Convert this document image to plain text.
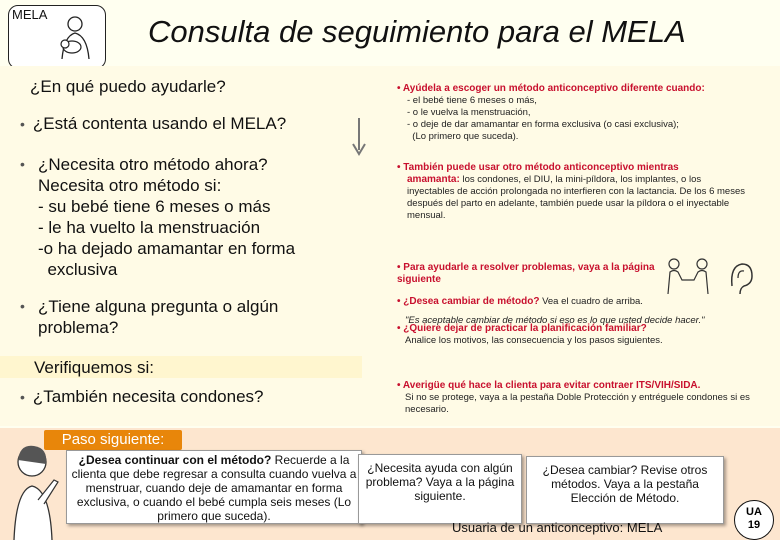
MELA	Consulta de seguimiento para el MELA
¿En qué puedo ayudarle?
• ¿Está contenta usando el MELA?
• ¿Necesita otro método ahora?
Necesita otro método si:
- su bebé tiene 6 meses o más
- le ha vuelto la menstruación
-o ha dejado amamantar en forma
exclusiva
• ¿Tiene alguna pregunta o algún
problema?
Verifiquemos si:
• ¿También necesita condones?
• Ayúdela a escoger un método anticonceptivo diferente cuando:
- el bebé tiene 6 meses o más,
- o le vuelva la menstruación,
- o deje de dar amamantar en forma exclusiva (o casi exclusiva);
(Lo primero que suceda).
• También puede usar otro método anticonceptivo mientras
amamanta: los condones, el DIU, la mini-píldora, los implantes, o los inyectables de acción prolongada no interfieren con la lactancia. De los 6 meses después del parto en adelante, también puede usar la píldora o el inyectable mensual.
• Para ayudarle a resolver problemas, vaya a la página siguiente
• ¿Desea cambiar de método? Vea el cuadro de arriba.
"Es aceptable cambiar de método si eso es lo que usted decide hacer."
• ¿Quiere dejar de practicar la planificación familiar?
Analice los motivos, las consecuencia y los pasos siguientes.
• Averigüe qué hace la clienta para evitar contraer ITS/VIH/SIDA.
Si no se protege, vaya a la pestaña Doble Protección y entréguele condones si es necesario.
Paso siguiente:
¿Desea continuar con el método? Recuerde a la clienta que debe regresar a consulta cuando vuelva a menstruar, cuando deje de amamantar en forma exclusiva, o cuando el bebé cumpla seis meses (Lo primero que suceda).
¿Necesita ayuda con algún problema? Vaya a la página siguiente.
¿Desea cambiar? Revise otros métodos. Vaya a la pestaña Elección de Método.
Usuaria de un anticonceptivo: MELA
UA
19
